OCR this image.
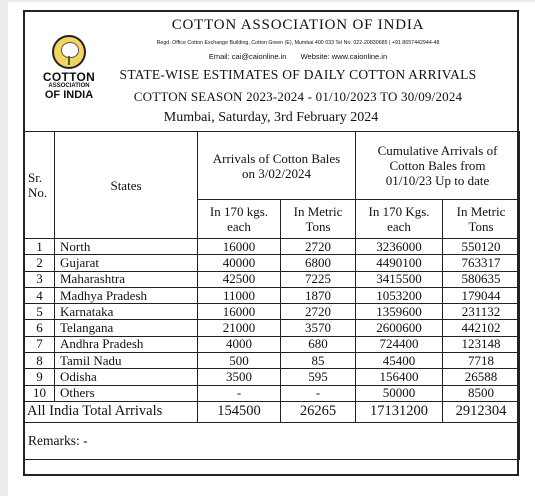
COTTON
ASSOCIATION
OF INDIA
COTTON ASSOCIATION OF INDIA
Regd. Office Cotton Exchange Building, Cotton Green (E), Mumbai 400 033 Tel No. 022-20830685 | +91 8657442944-48
Email: cai@caionline.in Website: www.caionline.in
STATE-WISE ESTIMATES OF DAILY COTTON ARRIVALS
COTTON SEASON 2023-2024 - 01/10/2023 TO 30/09/2024
Mumbai, Saturday, 3rd February 2024
Sr. No.	States	Arrivals of Cotton Bales on 3/02/2024		Cumulative Arrivals of Cotton Bales from 01/10/23 Up to date	
		In 170 kgs. each	In Metric Tons	In 170 Kgs. each	In Metric Tons
1	North	16000	2720	3236000	550120
2	Gujarat	40000	6800	4490100	763317
3	Maharashtra	42500	7225	3415500	580635
4	Madhya Pradesh	11000	1870	1053200	179044
5	Karnataka	16000	2720	1359600	231132
6	Telangana	21000	3570	2600600	442102
7	Andhra Pradesh	4000	680	724400	123148
8	Tamil Nadu	500	85	45400	7718
9	Odisha	3500	595	156400	26588
10	Others	-	-	50000	8500
All India Total Arrivals		154500	26265	17131200	2912304
Remarks: -					
